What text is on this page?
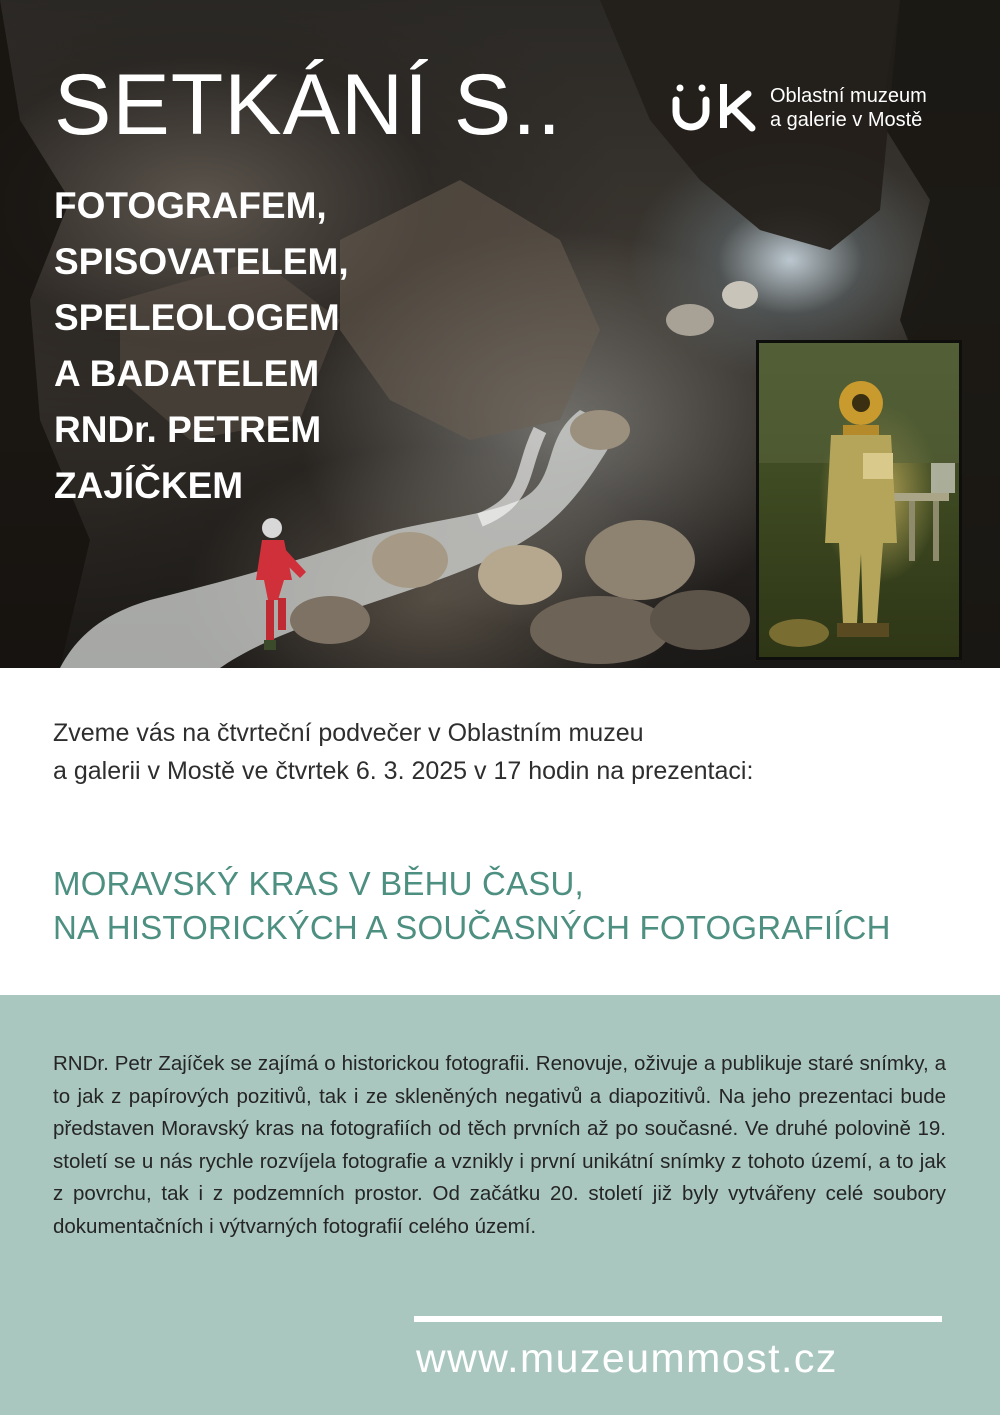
SETKÁNÍ S..
FOTOGRAFEM,
SPISOVATELEM,
SPELEOLOGEM
A BADATELEM
RNDr. PETREM
ZAJÍČKEM
Oblastní muzeum
a galerie v Mostě
Zveme vás na čtvrteční podvečer v Oblastním muzeu
a galerii v Mostě ve čtvrtek 6. 3. 2025 v 17 hodin na prezentaci:
MORAVSKÝ KRAS V BĚHU ČASU,
NA HISTORICKÝCH A SOUČASNÝCH FOTOGRAFIÍCH

RNDr. Petr Zajíček se zajímá o historickou fotografii. Renovuje, oživuje a publikuje staré snímky, a to jak z papírových pozitivů, tak i ze skleněných negativů a diapozitivů. Na jeho prezentaci bude představen Moravský kras na fotografiích od těch prvních až po současné. Ve druhé polovině 19. století se u nás rychle rozvíjela fotografie a vznikly i první unikátní snímky z tohoto území, a to jak z povrchu, tak i z podzemních prostor. Od začátku 20. století již byly vytvářeny celé soubory dokumentačních i výtvarných fotografií celého území.

www.muzeummost.cz
